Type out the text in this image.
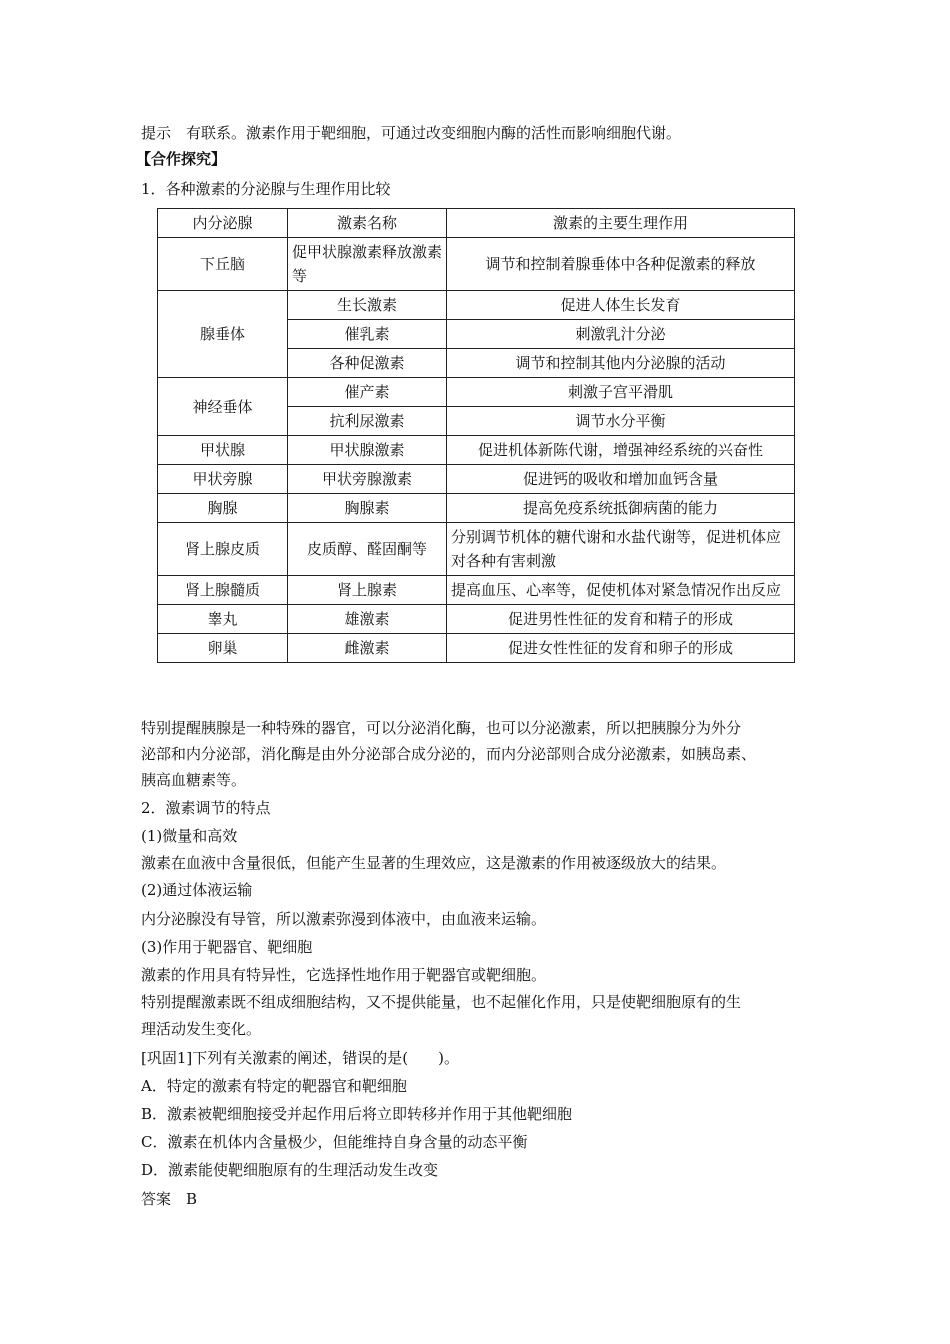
提示　有联系。激素作用于靶细胞，可通过改变细胞内酶的活性而影响细胞代谢。
【合作探究】
1．各种激素的分泌腺与生理作用比较
内分泌腺	激素名称	激素的主要生理作用
下丘脑	促甲状腺激素释放激素等	调节和控制着腺垂体中各种促激素的释放
腺垂体	生长激素	促进人体生长发育
	催乳素	刺激乳汁分泌
	各种促激素	调节和控制其他内分泌腺的活动
神经垂体	催产素	刺激子宫平滑肌
	抗利尿激素	调节水分平衡
甲状腺	甲状腺激素	促进机体新陈代谢，增强神经系统的兴奋性
甲状旁腺	甲状旁腺激素	促进钙的吸收和增加血钙含量
胸腺	胸腺素	提高免疫系统抵御病菌的能力
肾上腺皮质	皮质醇、醛固酮等	分别调节机体的糖代谢和水盐代谢等，促进机体应对各种有害刺激
肾上腺髓质	肾上腺素	提高血压、心率等，促使机体对紧急情况作出反应
睾丸	雄激素	促进男性性征的发育和精子的形成
卵巢	雌激素	促进女性性征的发育和卵子的形成
特别提醒胰腺是一种特殊的器官，可以分泌消化酶，也可以分泌激素，所以把胰腺分为外分
泌部和内分泌部，消化酶是由外分泌部合成分泌的，而内分泌部则合成分泌激素，如胰岛素、
胰高血糖素等。
2．激素调节的特点
(1)微量和高效
激素在血液中含量很低，但能产生显著的生理效应，这是激素的作用被逐级放大的结果。
(2)通过体液运输
内分泌腺没有导管，所以激素弥漫到体液中，由血液来运输。
(3)作用于靶器官、靶细胞
激素的作用具有特异性，它选择性地作用于靶器官或靶细胞。
特别提醒激素既不组成细胞结构，又不提供能量，也不起催化作用，只是使靶细胞原有的生
理活动发生变化。
[巩固1]下列有关激素的阐述，错误的是(　　)。
A．特定的激素有特定的靶器官和靶细胞
B．激素被靶细胞接受并起作用后将立即转移并作用于其他靶细胞
C．激素在机体内含量极少，但能维持自身含量的动态平衡
D．激素能使靶细胞原有的生理活动发生改变
答案　B
